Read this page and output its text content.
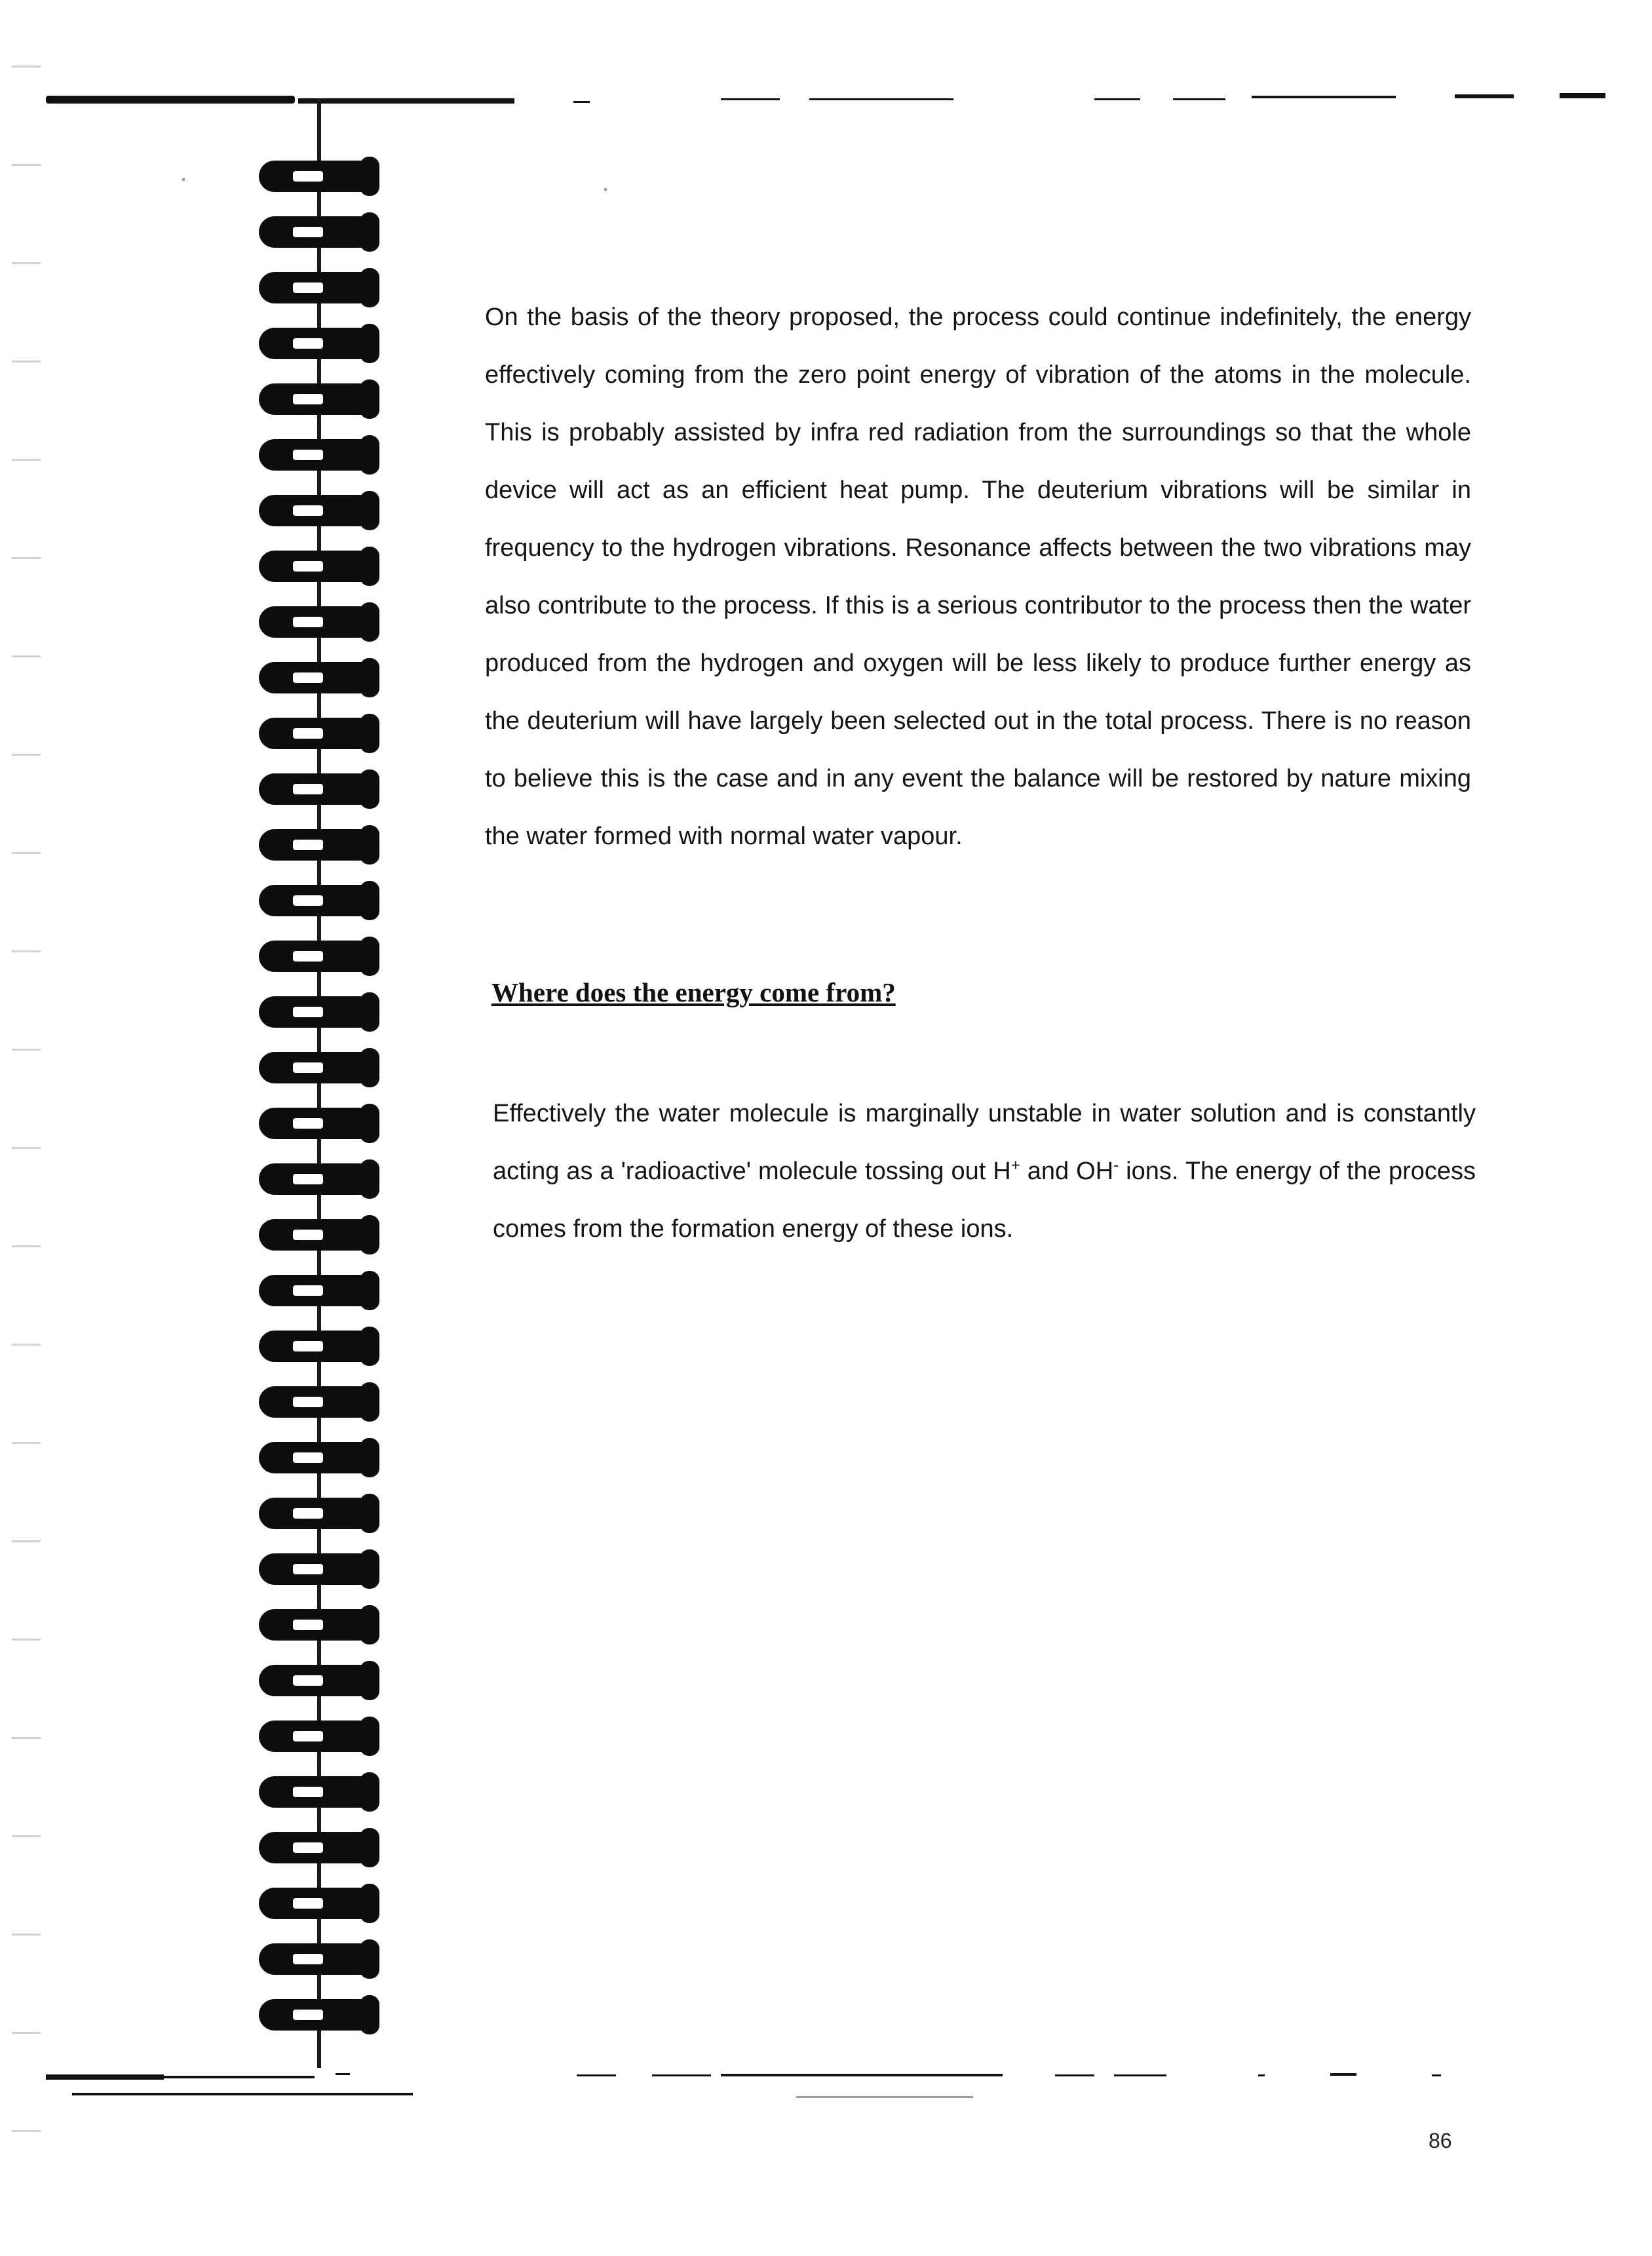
On the basis of the theory proposed, the process could continue indefinitely, the energy effectively coming from the zero point energy of vibration of the atoms in the molecule. This is probably assisted by infra red radiation from the surroundings so that the whole device will act as an efficient heat pump. The deuterium vibrations will be similar in frequency to the hydrogen vibrations. Resonance affects between the two vibrations may also contribute to the process. If this is a serious contributor to the process then the water produced from the hydrogen and oxygen will be less likely to produce further energy as the deuterium will have largely been selected out in the total process. There is no reason to believe this is the case and in any event the balance will be restored by nature mixing the water formed with normal water vapour.

Where does the energy come from?

Effectively the water molecule is marginally unstable in water solution and is constantly acting as a 'radioactive' molecule tossing out H+ and OH- ions. The energy of the process comes from the formation energy of these ions.

86
